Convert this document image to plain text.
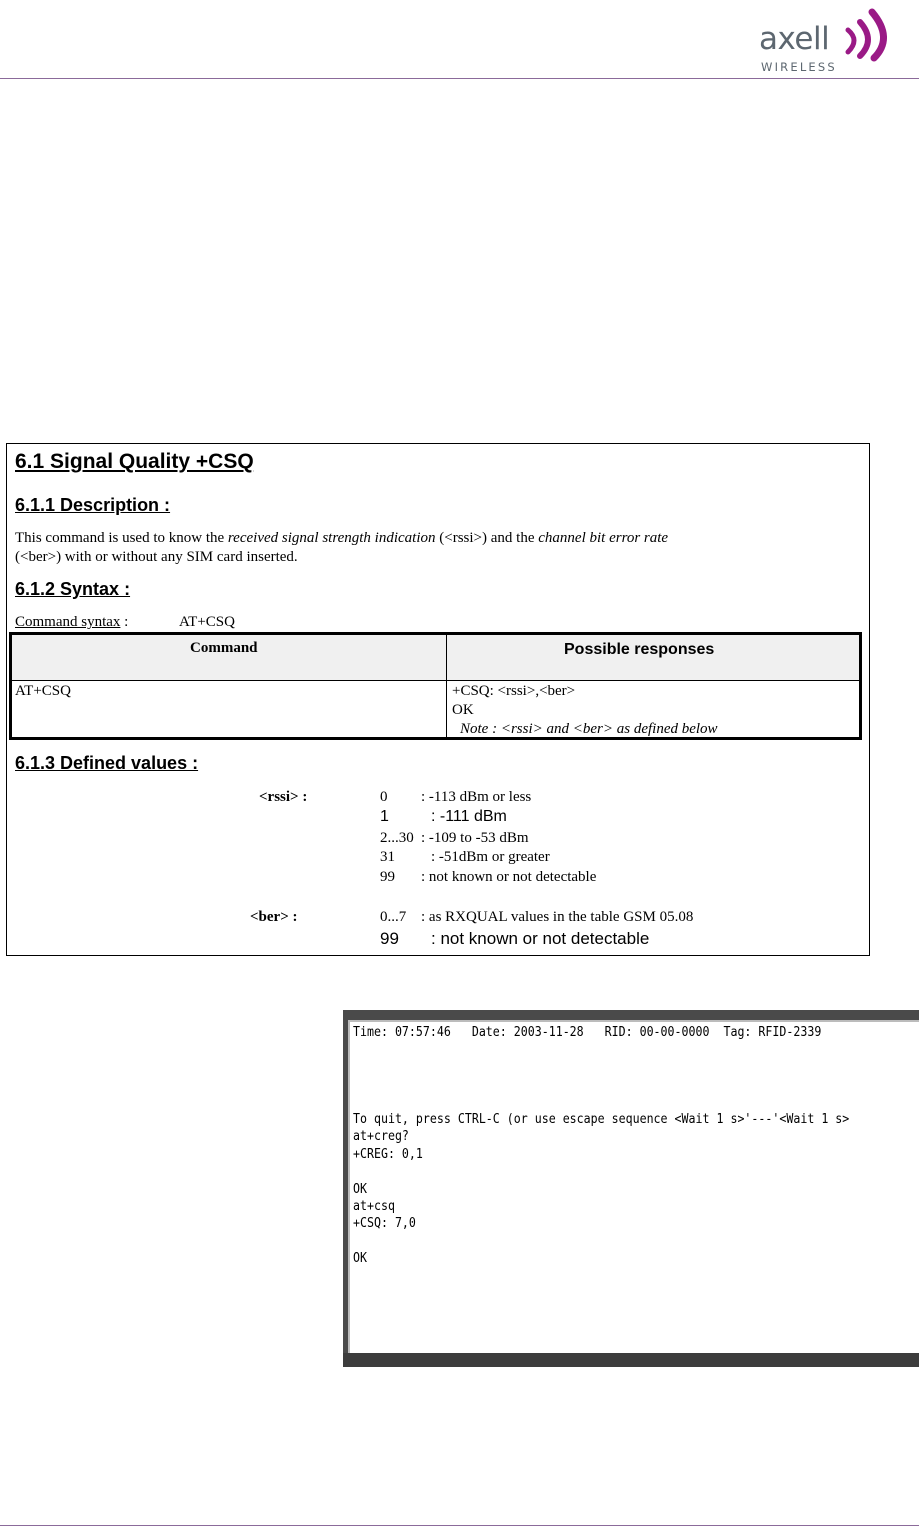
axell
WIRELESS
6.1 Signal Quality +CSQ
6.1.1 Description :
This command is used to know the received signal strength indication (<rssi>) and the channel bit error rate
(<ber>) with or without any SIM card inserted.
6.1.2 Syntax :
Command syntax :	AT+CSQ
Command	Possible responses
AT+CSQ	+CSQ: <rssi>,<ber>
OK
Note : <rssi> and <ber> as defined below
6.1.3 Defined values :
<rssi> :	0 : -113 dBm or less
1	: -111 dBm
2...30 : -109 to -53 dBm
31 : -51dBm or greater
99 : not known or not detectable
<ber> :	0...7 : as RXQUAL values in the table GSM 05.08
99 : not known or not detectable
Time: 07:57:46   Date: 2003-11-28   RID: 00-00-0000  Tag: RFID-2339
To quit, press CTRL-C (or use escape sequence <Wait 1 s>'---'<Wait 1 s>
at+creg?
+CREG: 0,1
OK
at+csq
+CSQ: 7,0
OK
